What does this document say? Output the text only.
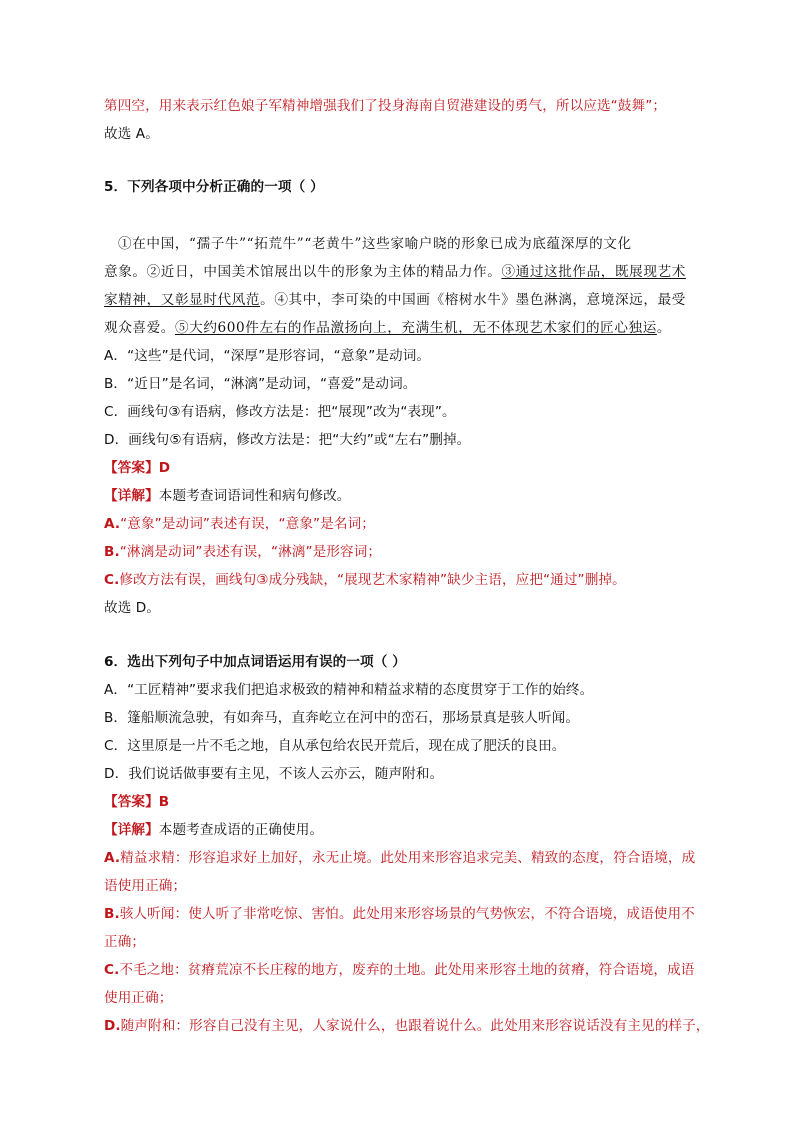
第四空，用来表示红色娘子军精神增强我们了投身海南自贸港建设的勇气，所以应选“鼓舞”；
故选 A。
5．下列各项中分析正确的一项（ ）
①在中国，“孺子牛”“拓荒牛”“老黄牛”这些家喻户晓的形象已成为底蕴深厚的文化
意象。②近日，中国美术馆展出以牛的形象为主体的精品力作。③通过这批作品，既展现艺术
家精神，又彰显时代风范。④其中，李可染的中国画《榕树水牛》墨色淋漓，意境深远，最受
观众喜爱。⑤大约600件左右的作品激扬向上，充满生机，无不体现艺术家们的匠心独运。
A．“这些”是代词，“深厚”是形容词，“意象”是动词。
B．“近日”是名词，“淋漓”是动词，“喜爱”是动词。
C．画线句③有语病，修改方法是：把“展现”改为“表现”。
D．画线句⑤有语病，修改方法是：把“大约”或“左右”删掉。
【答案】D
【详解】本题考查词语词性和病句修改。
A.“意象”是动词”表述有误，“意象”是名词；
B.“淋漓是动词”表述有误，“淋漓”是形容词；
C.修改方法有误，画线句③成分残缺，“展现艺术家精神”缺少主语，应把“通过”删掉。
故选 D。
6．选出下列句子中加点词语运用有误的一项（ ）
A．“工匠精神”要求我们把追求极致的精神和精益求精的态度贯穿于工作的始终。
B．篷船顺流急驶，有如奔马，直奔屹立在河中的峦石，那场景真是骇人听闻。
C．这里原是一片不毛之地，自从承包给农民开荒后，现在成了肥沃的良田。
D．我们说话做事要有主见，不该人云亦云，随声附和。
【答案】B
【详解】本题考查成语的正确使用。
A.精益求精：形容追求好上加好，永无止境。此处用来形容追求完美、精致的态度，符合语境，成
语使用正确；
B.骇人听闻：使人听了非常吃惊、害怕。此处用来形容场景的气势恢宏，不符合语境，成语使用不
正确；
C.不毛之地：贫瘠荒凉不长庄稼的地方，废弃的土地。此处用来形容土地的贫瘠，符合语境，成语
使用正确；
D.随声附和：形容自己没有主见，人家说什么，也跟着说什么。此处用来形容说话没有主见的样子，
